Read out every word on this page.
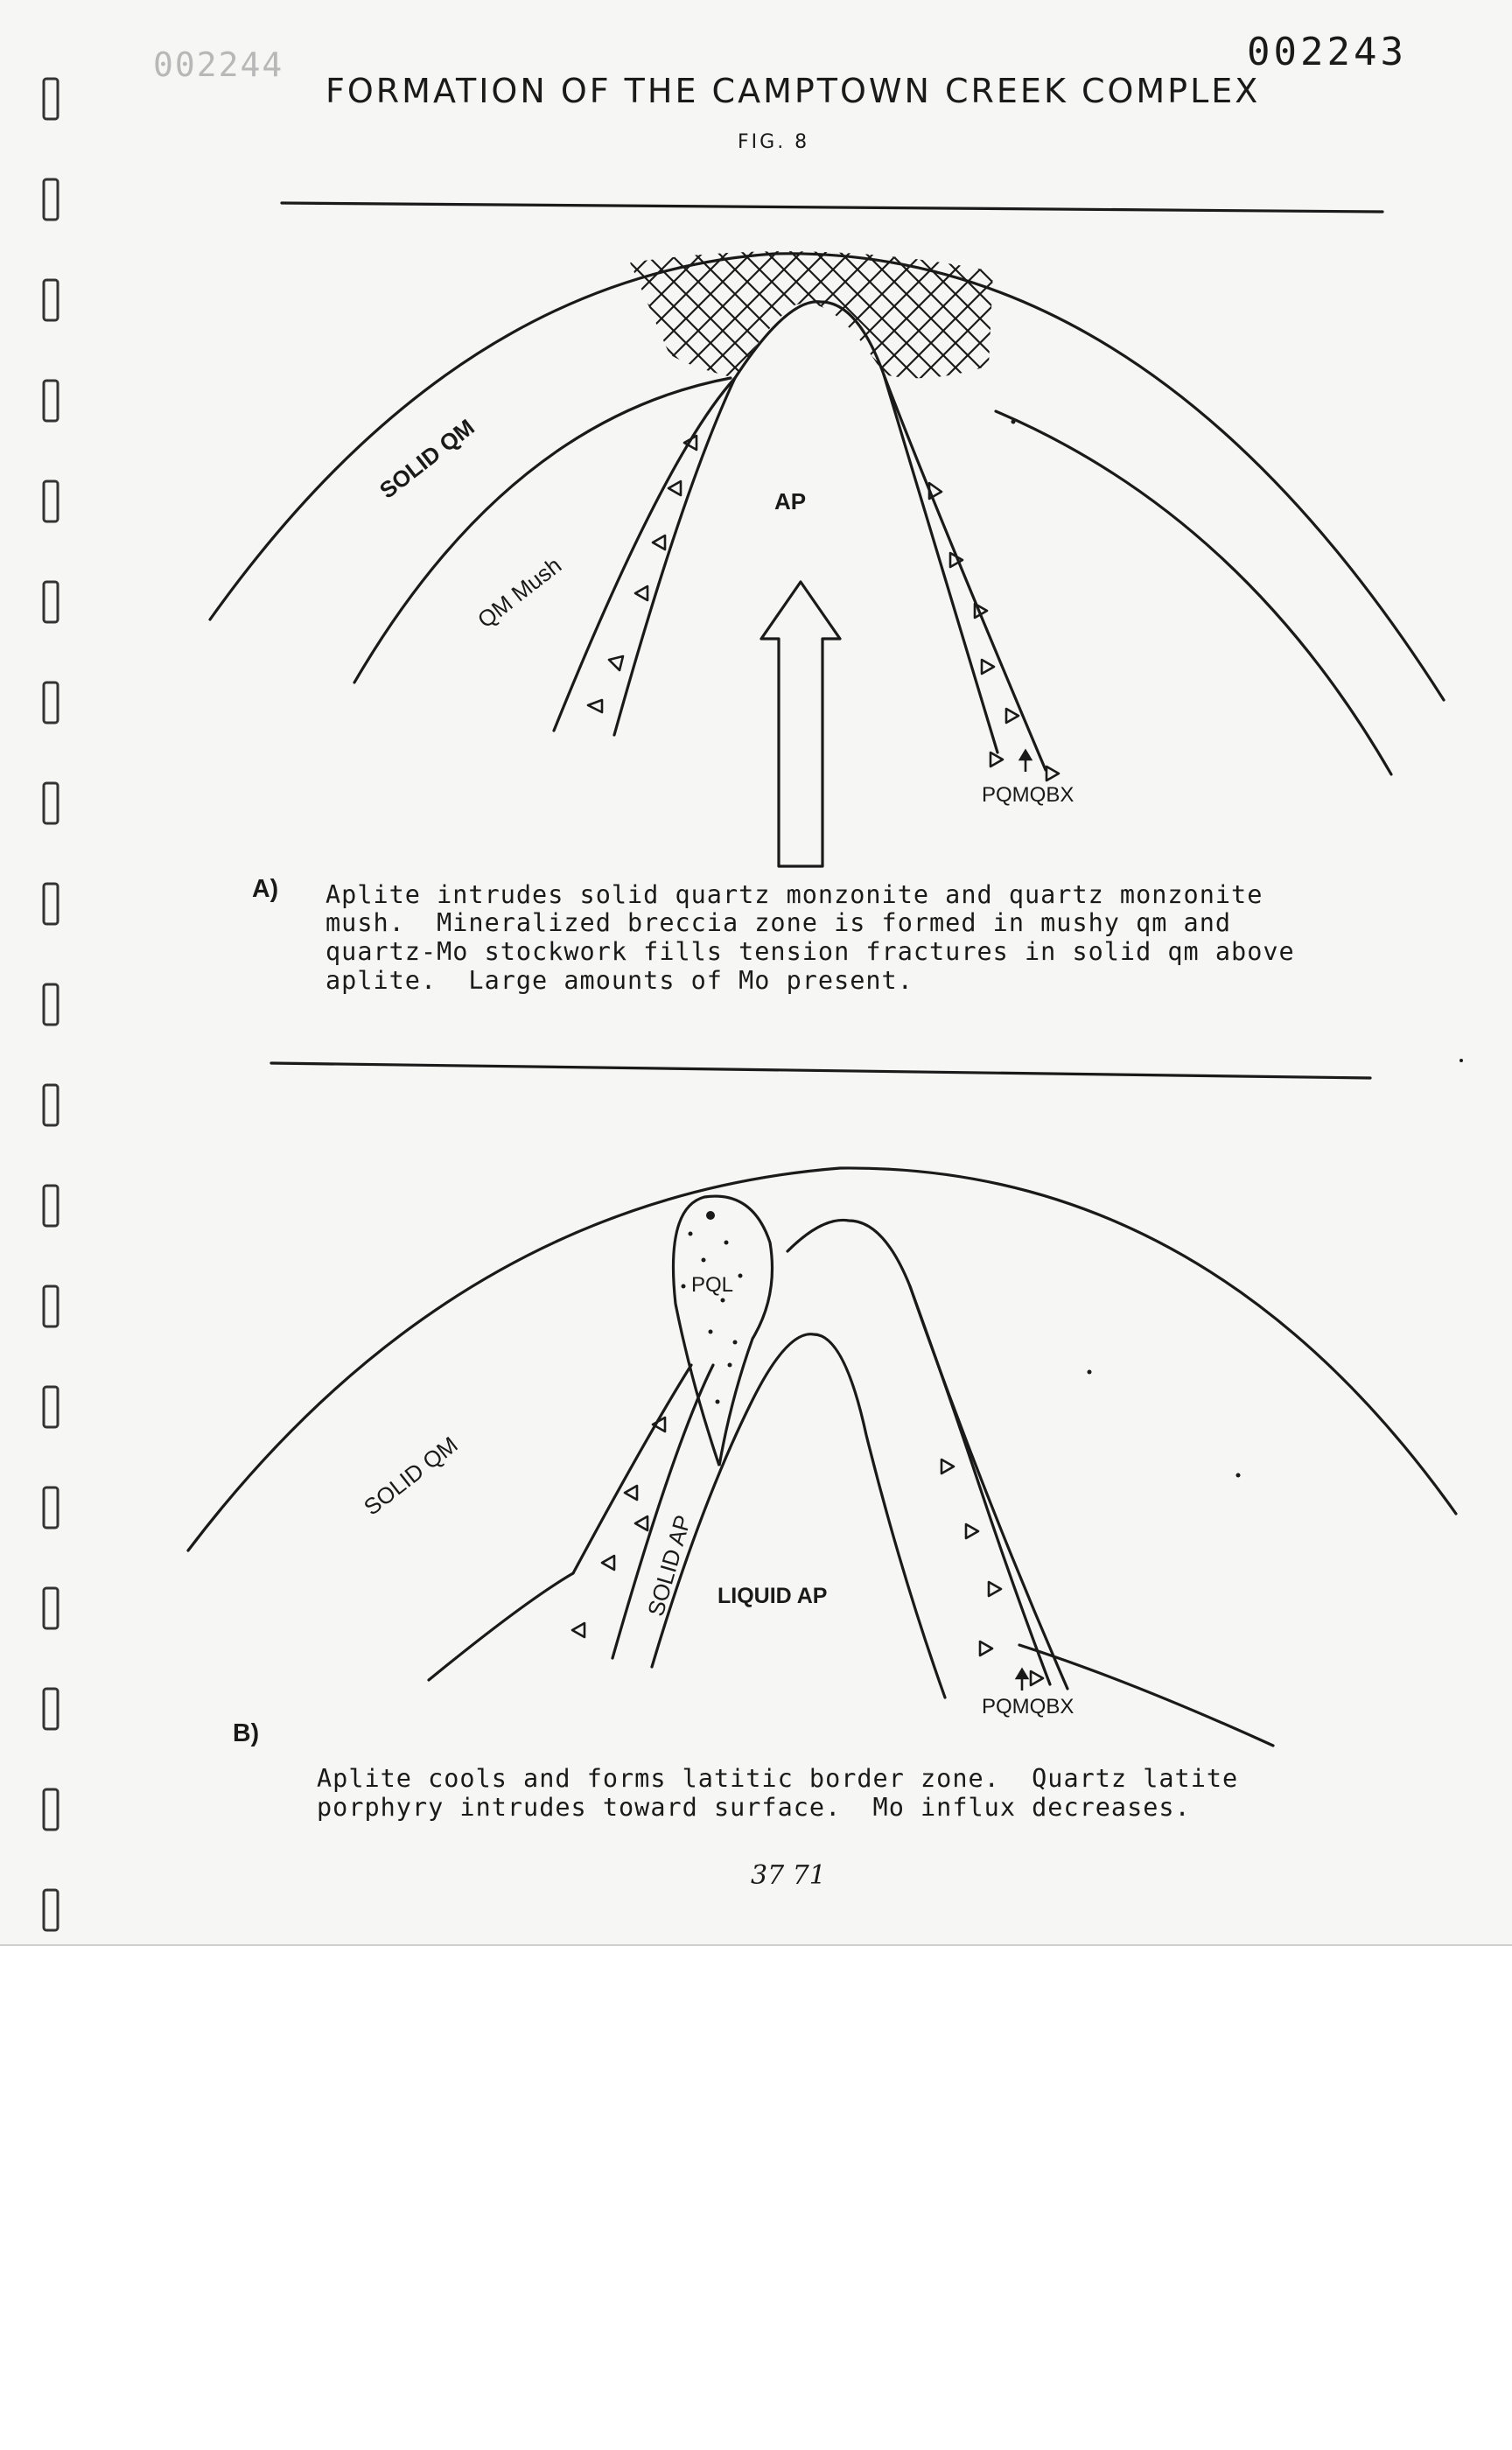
002244	002243
FORMATION OF THE CAMPTOWN CREEK COMPLEX
FIG. 8
SOLID QM
QM Mush
AP
PQMQBX
A) Aplite intrudes solid quartz monzonite and quartz monzonite
mush.  Mineralized breccia zone is formed in mushy qm and
quartz-Mo stockwork fills tension fractures in solid qm above
aplite.  Large amounts of Mo present.
SOLID QM
PQL
SOLID AP LIQUID AP
PQMQBX
B)
Aplite cools and forms latitic border zone.  Quartz latite
porphyry intrudes toward surface.  Mo influx decreases.
37 71
